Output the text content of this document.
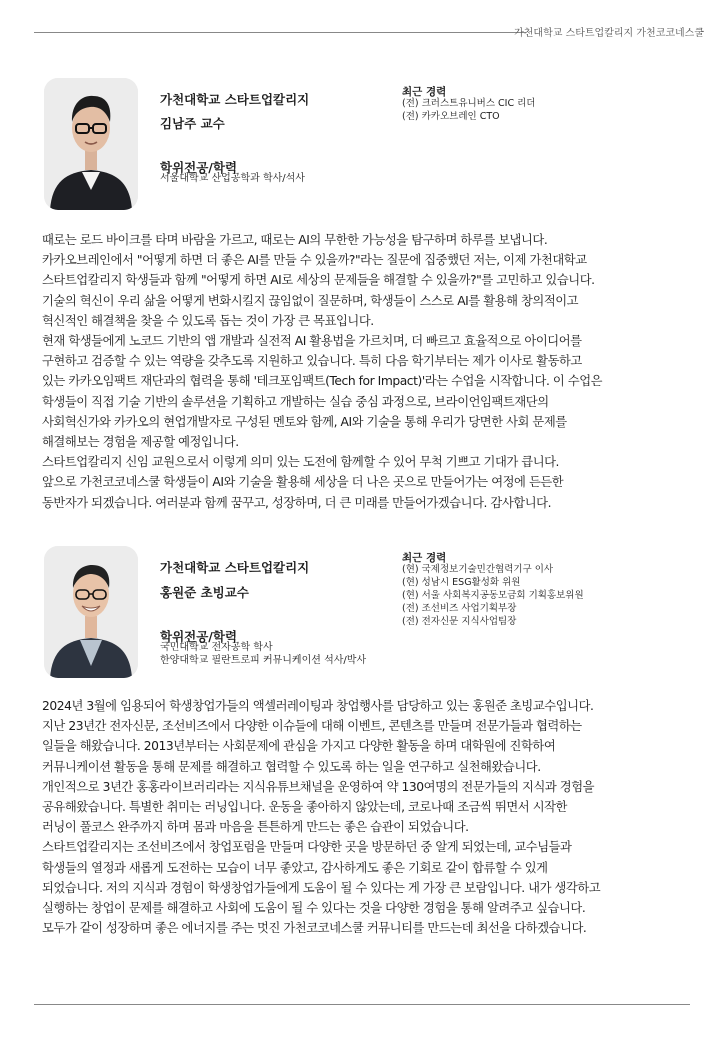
가천대학교 스타트업칼리지 가천코코네스쿨
가천대학교 스타트업칼리지
김남주 교수
학위전공/학력
서울대학교 산업공학과 학사/석사
최근 경력
(전) 크러스트유니버스 CIC 리더
(전) 카카오브레인 CTO

때로는 로드 바이크를 타며 바람을 가르고, 때로는 AI의 무한한 가능성을 탐구하며 하루를 보냅니다.

카카오브레인에서 "어떻게 하면 더 좋은 AI를 만들 수 있을까?"라는 질문에 집중했던 저는, 이제 가천대학교

스타트업칼리지 학생들과 함께 "어떻게 하면 AI로 세상의 문제들을 해결할 수 있을까?"를 고민하고 있습니다.

기술의 혁신이 우리 삶을 어떻게 변화시킬지 끊임없이 질문하며, 학생들이 스스로 AI를 활용해 창의적이고

혁신적인 해결책을 찾을 수 있도록 돕는 것이 가장 큰 목표입니다.

현재 학생들에게 노코드 기반의 앱 개발과 실전적 AI 활용법을 가르치며, 더 빠르고 효율적으로 아이디어를

구현하고 검증할 수 있는 역량을 갖추도록 지원하고 있습니다. 특히 다음 학기부터는 제가 이사로 활동하고

있는 카카오임팩트 재단과의 협력을 통해 '테크포임팩트(Tech for Impact)'라는 수업을 시작합니다. 이 수업은

학생들이 직접 기술 기반의 솔루션을 기획하고 개발하는 실습 중심 과정으로, 브라이언임팩트재단의

사회혁신가와 카카오의 현업개발자로 구성된 멘토와 함께, AI와 기술을 통해 우리가 당면한 사회 문제를

해결해보는 경험을 제공할 예정입니다.

스타트업칼리지 신임 교원으로서 이렇게 의미 있는 도전에 함께할 수 있어 무척 기쁘고 기대가 큽니다.

앞으로 가천코코네스쿨 학생들이 AI와 기술을 활용해 세상을 더 나은 곳으로 만들어가는 여정에 든든한

동반자가 되겠습니다. 여러분과 함께 꿈꾸고, 성장하며, 더 큰 미래를 만들어가겠습니다. 감사합니다.

가천대학교 스타트업칼리지
홍원준 초빙교수
학위전공/학력
국민대학교 전자공학 학사
한양대학교 필란트로피 커뮤니케이션 석사/박사
최근 경력
(현) 국제정보기술민간협력기구 이사
(현) 성남시 ESG활성화 위원
(현) 서울 사회복지공동모금회 기획홍보위원
(전) 조선비즈 사업기획부장
(전) 전자신문 지식사업팀장

2024년 3월에 임용되어 학생창업가들의 액셀러레이팅과 창업행사를 담당하고 있는 홍원준 초빙교수입니다.

지난 23년간 전자신문, 조선비즈에서 다양한 이슈들에 대해 이벤트, 콘텐츠를 만들며 전문가들과 협력하는

일들을 해왔습니다. 2013년부터는 사회문제에 관심을 가지고 다양한 활동을 하며 대학원에 진학하여

커뮤니케이션 활동을 통해 문제를 해결하고 협력할 수 있도록 하는 일을 연구하고 실천해왔습니다.

개인적으로 3년간 홍홍라이브러리라는 지식유튜브채널을 운영하여 약 130여명의 전문가들의 지식과 경험을

공유해왔습니다. 특별한 취미는 러닝입니다. 운동을 좋아하지 않았는데, 코로나때 조금씩 뛰면서 시작한

러닝이 풀코스 완주까지 하며 몸과 마음을 튼튼하게 만드는 좋은 습관이 되었습니다.

스타트업칼리지는 조선비즈에서 창업포럼을 만들며 다양한 곳을 방문하던 중 알게 되었는데, 교수님들과

학생들의 열정과 새롭게 도전하는 모습이 너무 좋았고, 감사하게도 좋은 기회로 같이 합류할 수 있게

되었습니다. 저의 지식과 경험이 학생창업가들에게 도움이 될 수 있다는 게 가장 큰 보람입니다. 내가 생각하고

실행하는 창업이 문제를 해결하고 사회에 도움이 될 수 있다는 것을 다양한 경험을 통해 알려주고 싶습니다.

모두가 같이 성장하며 좋은 에너지를 주는 멋진 가천코코네스쿨 커뮤니티를 만드는데 최선을 다하겠습니다.
